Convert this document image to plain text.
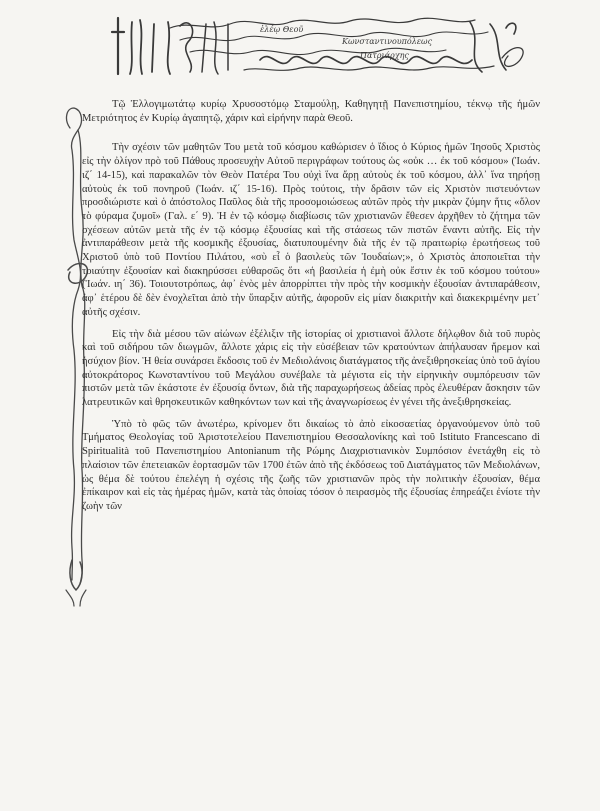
ἐλέῳ Θεοῦ
Κωνσταντινουπόλεως
Πατριάρχης

Τῷ Ἐλλογιμωτάτῳ κυρίῳ Χρυσοστόμῳ Σταμούλῃ, Καθηγητῇ Πανεπιστημίου, τέκνῳ τῆς ἡμῶν Μετριότητος ἐν Κυρίῳ ἀγαπητῷ, χάριν καὶ εἰρήνην παρὰ Θεοῦ.

Τὴν σχέσιν τῶν μαθητῶν Του μετὰ τοῦ κόσμου καθώρισεν ὁ ἴδιος ὁ Κύριος ἡμῶν Ἰησοῦς Χριστὸς εἰς τὴν ὀλίγον πρὸ τοῦ Πάθους προσευχὴν Αὐτοῦ περιγράφων τούτους ὡς «οὐκ … ἐκ τοῦ κόσμου» (Ἰωάν. ιζ΄ 14-15), καὶ παρακαλῶν τὸν Θεὸν Πατέρα Του οὐχὶ ἵνα ἄρῃ αὐτοὺς ἐκ τοῦ κόσμου, ἀλλ᾽ ἵνα τηρήσῃ αὐτοὺς ἐκ τοῦ πονηροῦ (Ἰωάν. ιζ΄ 15-16). Πρὸς τούτοις, τὴν δρᾶσιν τῶν εἰς Χριστὸν πιστευόντων προσδιώριστε καὶ ὁ ἀπόστολος Παῦλος διὰ τῆς προσομοιώσεως αὐτῶν πρὸς τὴν μικρὰν ζύμην ἥτις «ὅλον τὸ φύραμα ζυμοῖ» (Γαλ. ε΄ 9). Ἡ ἐν τῷ κόσμῳ διαβίωσις τῶν χριστιανῶν ἔθεσεν ἀρχῆθεν τὸ ζήτημα τῶν σχέσεων αὐτῶν μετὰ τῆς ἐν τῷ κόσμῳ ἐξουσίας καὶ τῆς στάσεως τῶν πιστῶν ἔναντι αὐτῆς. Εἰς τὴν ἀντιπαράθεσιν μετὰ τῆς κοσμικῆς ἐξουσίας, διατυπουμένην διὰ τῆς ἐν τῷ πραιτωρίῳ ἐρωτήσεως τοῦ Χριστοῦ ὑπὸ τοῦ Ποντίου Πιλάτου, «σὺ εἶ ὁ βασιλεὺς τῶν Ἰουδαίων;», ὁ Χριστὸς ἀποποιεῖται τὴν τοιαύτην ἐξουσίαν καὶ διακηρύσσει εὐθαρσῶς ὅτι «ἡ βασιλεία ἡ ἐμὴ οὐκ ἔστιν ἐκ τοῦ κόσμου τούτου» (Ἰωάν. ιη΄ 36). Τοιουτοτρόπως, ἀφ᾽ ἑνὸς μὲν ἀπορρίπτει τὴν πρὸς τὴν κοσμικὴν ἐξουσίαν ἀντιπαράθεσιν, ἀφ᾽ ἑτέρου δὲ δὲν ἐνοχλεῖται ἀπὸ τὴν ὕπαρξιν αὐτῆς, ἀφοροῦν εἰς μίαν διακριτὴν καὶ διακεκριμένην μετ᾽ αὐτῆς σχέσιν.

Εἰς τὴν διὰ μέσου τῶν αἰώνων ἐξέλιξιν τῆς ἱστορίας οἱ χριστιανοὶ ἄλλοτε δήλῳθον διὰ τοῦ πυρὸς καὶ τοῦ σιδήρου τῶν διωγμῶν, ἄλλοτε χάρις εἰς τὴν εὐσέβειαν τῶν κρατούντων ἀπήλαυσαν ἤρεμον καὶ ἡσύχιον βίον. Ἡ θεία συνάρσει ἔκδοσις τοῦ ἐν Μεδιολάνοις διατάγματος τῆς ἀνεξιθρησκείας ὑπὸ τοῦ ἁγίου αὐτοκράτορος Κωνσταντίνου τοῦ Μεγάλου συνέβαλε τὰ μέγιστα εἰς τὴν εἰρηνικὴν συμπόρευσιν τῶν πιστῶν μετὰ τῶν ἑκάστοτε ἐν ἐξουσίᾳ ὄντων, διὰ τῆς παραχωρήσεως ἀδείας πρὸς ἐλευθέραν ἄσκησιν τῶν λατρευτικῶν καὶ θρησκευτικῶν καθηκόντων των καὶ τῆς ἀναγνωρίσεως ἐν γένει τῆς ἀνεξιθρησκείας.

Ὑπὸ τὸ φῶς τῶν ἀνωτέρω, κρίνομεν ὅτι δικαίως τὸ ἀπὸ εἰκοσαετίας ὀργανούμενον ὑπὸ τοῦ Τμήματος Θεολογίας τοῦ Ἀριστοτελείου Πανεπιστημίου Θεσσαλονίκης καὶ τοῦ Istituto Francescano di Spiritualità τοῦ Πανεπιστημίου Antonianum τῆς Ρώμης Διαχριστιανικὸν Συμπόσιον ἐνετάχθη εἰς τὸ πλαίσιον τῶν ἐπετειακῶν ἑορτασμῶν τῶν 1700 ἐτῶν ἀπὸ τῆς ἐκδόσεως τοῦ Διατάγματος τῶν Μεδιολάνων, ὡς θέμα δὲ τούτου ἐπελέγη ἡ σχέσις τῆς ζωῆς τῶν χριστιανῶν πρὸς τὴν πολιτικὴν ἐξουσίαν, θέμα ἐπίκαιρον καὶ εἰς τὰς ἡμέρας ἡμῶν, κατὰ τὰς ὁποίας τόσον ὁ πειρασμὸς τῆς ἐξουσίας ἐπηρεάζει ἐνίοτε τὴν ζωὴν τῶν
